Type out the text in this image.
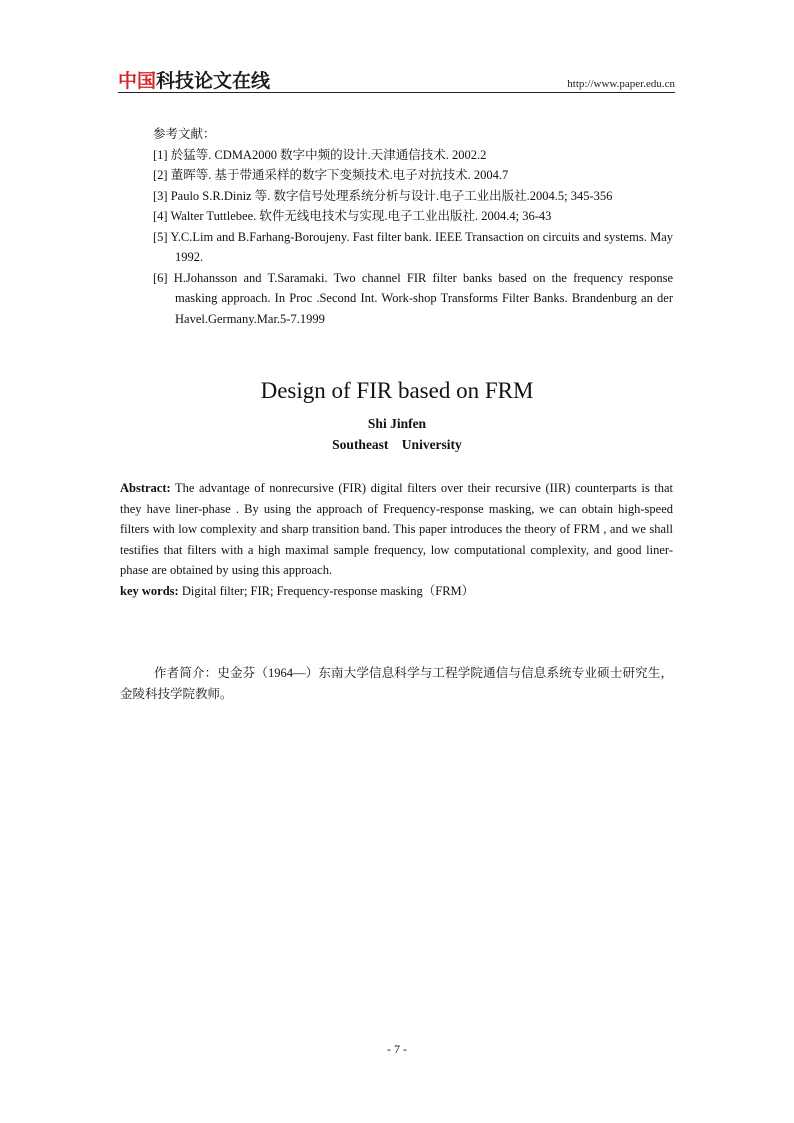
中国科技论文在线	http://www.paper.edu.cn
参考文献：
[1] 於猛等. CDMA2000 数字中频的设计.天津通信技术. 2002.2
[2] 董晖等. 基于带通采样的数字下变频技术.电子对抗技术. 2004.7
[3] Paulo S.R.Diniz 等. 数字信号处理系统分析与设计.电子工业出版社.2004.5; 345-356
[4] Walter Tuttlebee. 软件无线电技术与实现.电子工业出版社. 2004.4; 36-43
[5] Y.C.Lim and B.Farhang-Boroujeny. Fast filter bank. IEEE Transaction on circuits and systems. May 1992.
[6] H.Johansson and T.Saramaki. Two channel FIR filter banks based on the frequency response masking approach. In Proc .Second Int. Work-shop Transforms Filter Banks. Brandenburg an der Havel.Germany.Mar.5-7.1999
Design of FIR based on FRM
Shi Jinfen
Southeast University
Abstract: The advantage of nonrecursive (FIR) digital filters over their recursive (IIR) counterparts is that they have liner-phase . By using the approach of Frequency-response masking, we can obtain high-speed filters with low complexity and sharp transition band. This paper introduces the theory of FRM , and we shall testifies that filters with a high maximal sample frequency, low computational complexity, and good liner-phase are obtained by using this approach.
key words: Digital filter; FIR; Frequency-response masking（FRM）
作者简介：史金芬（1964—）东南大学信息科学与工程学院通信与信息系统专业硕士研究生，金陵科技学院教师。
- 7 -
